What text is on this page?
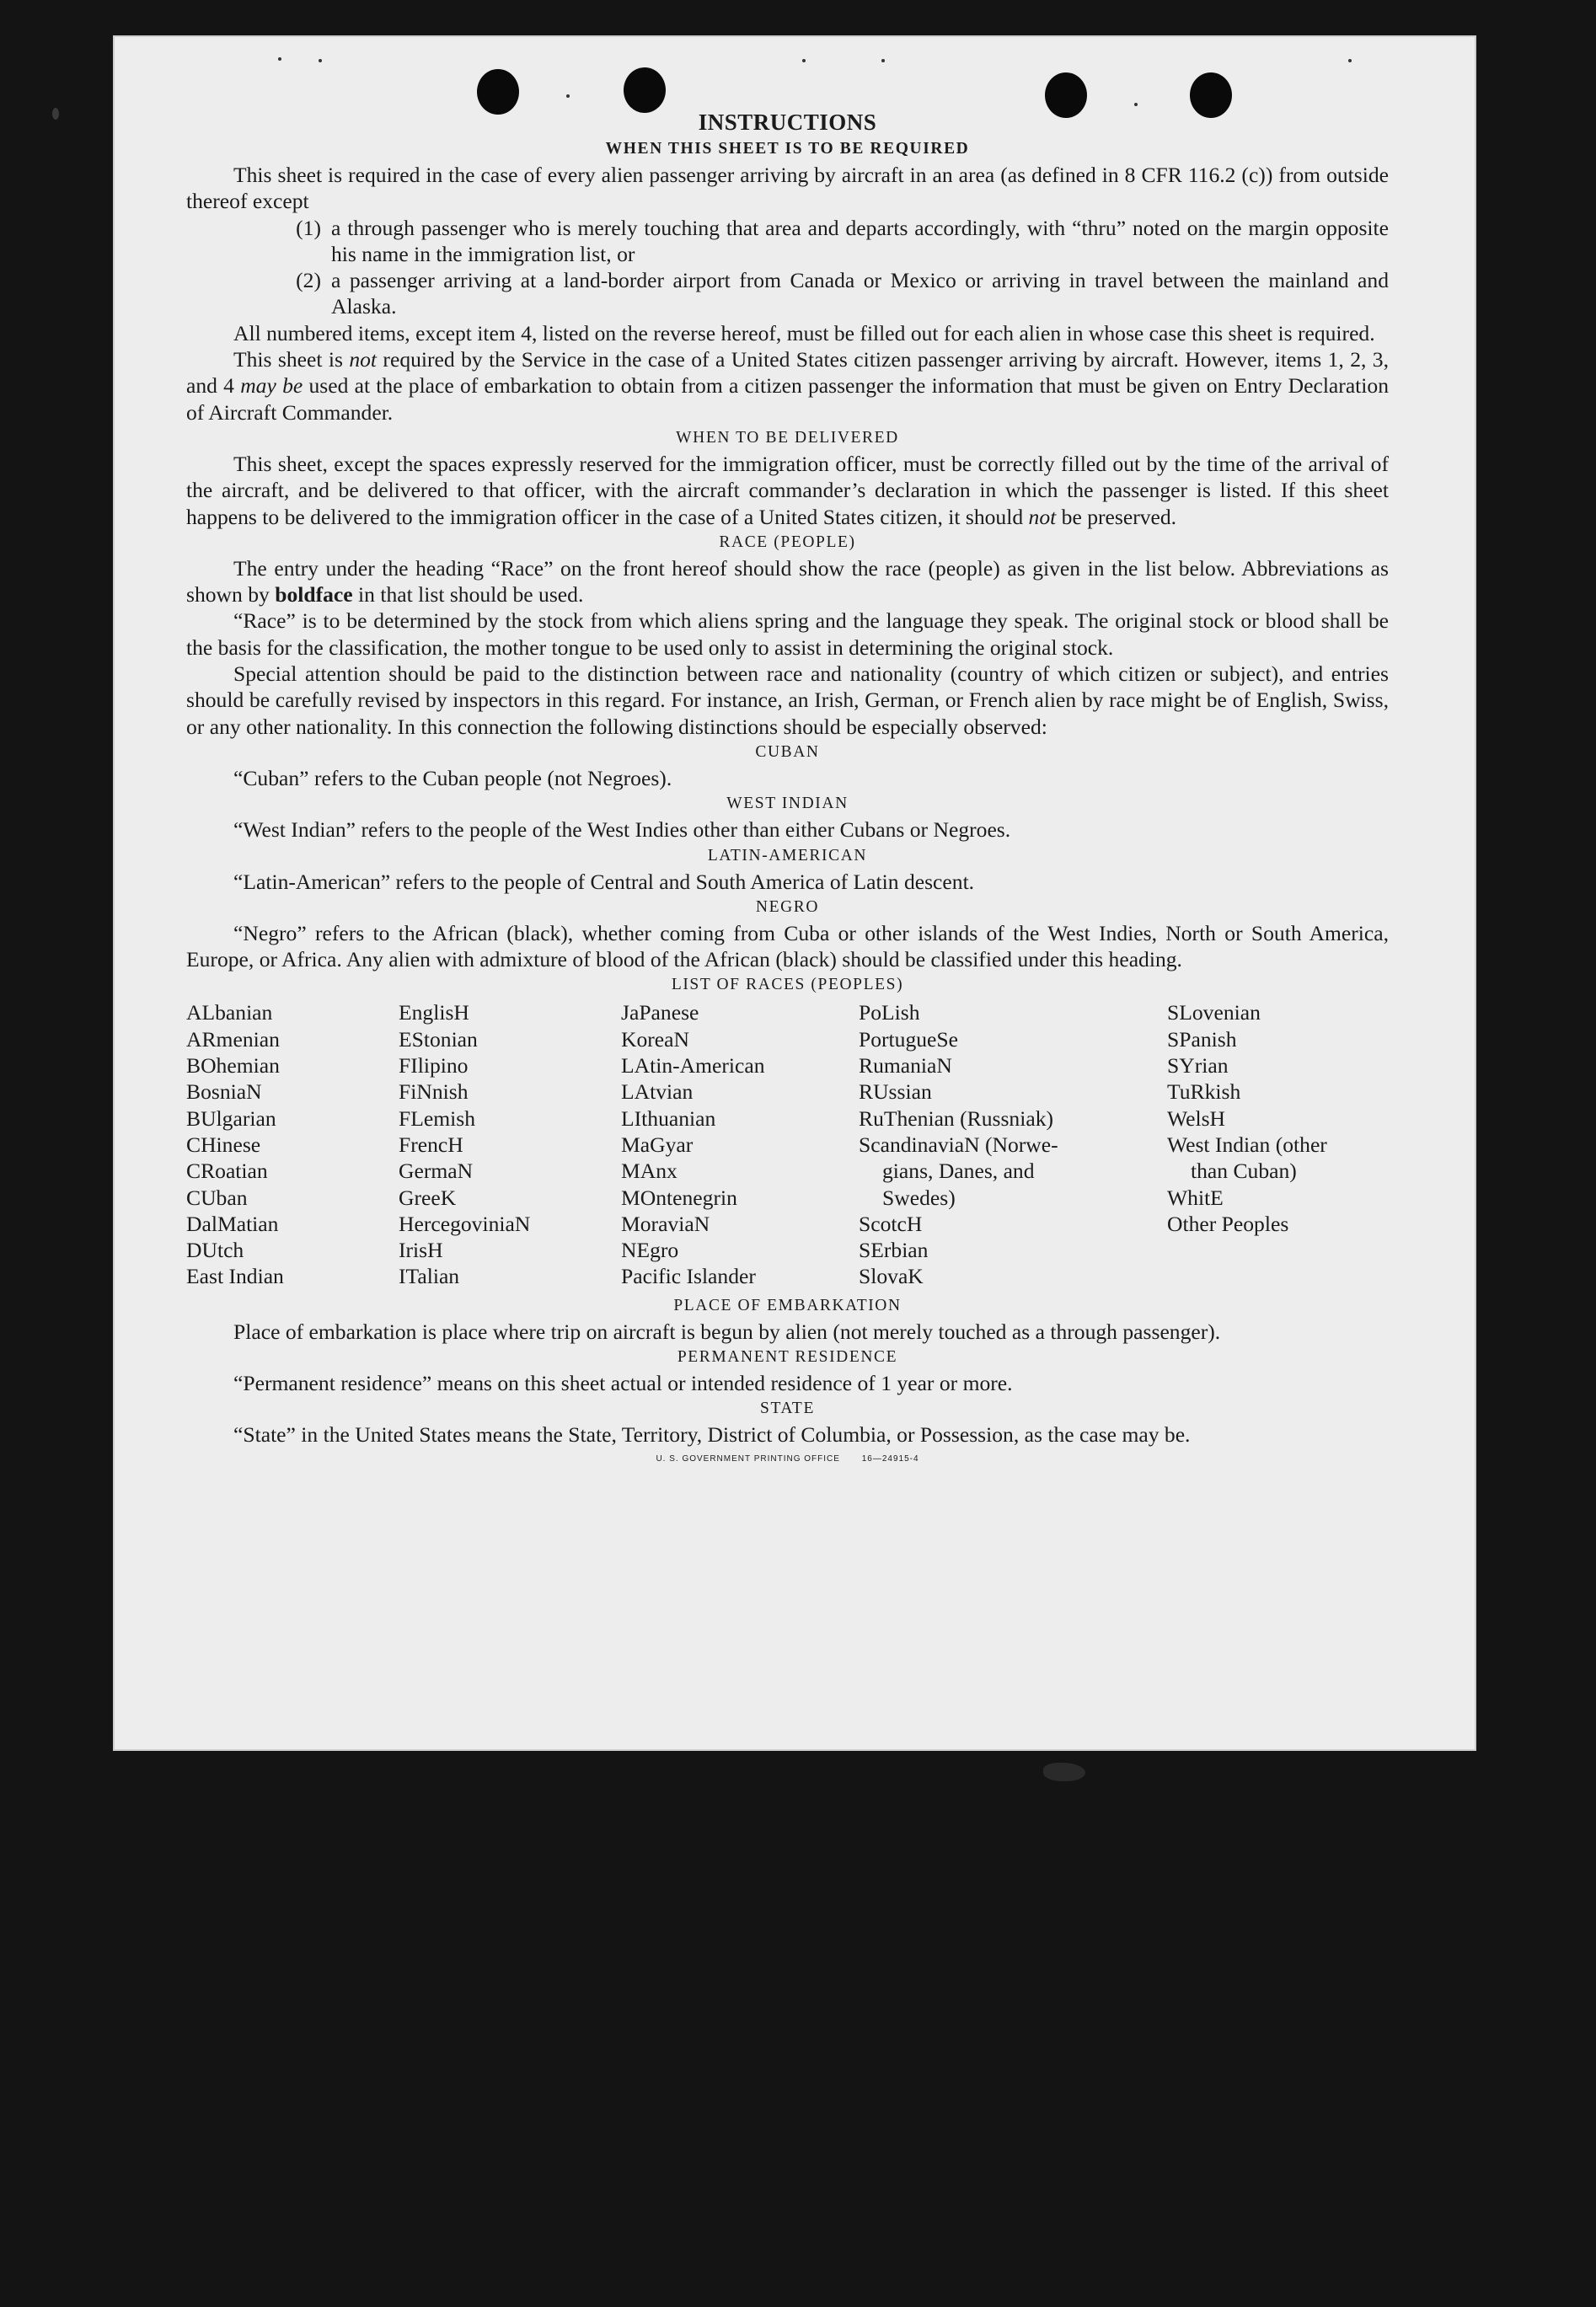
INSTRUCTIONS
WHEN THIS SHEET IS TO BE REQUIRED

This sheet is required in the case of every alien passenger arriving by aircraft in an area (as defined in 8 CFR 116.2 (c)) from outside thereof except

(1) a through passenger who is merely touching that area and departs accordingly, with “thru” noted on the margin opposite his name in the immigration list, or
(2) a passenger arriving at a land-border airport from Canada or Mexico or arriving in travel between the mainland and Alaska.

All numbered items, except item 4, listed on the reverse hereof, must be filled out for each alien in whose case this sheet is required.

This sheet is not required by the Service in the case of a United States citizen passenger arriving by aircraft. However, items 1, 2, 3, and 4 may be used at the place of embarkation to obtain from a citizen passenger the information that must be given on Entry Declaration of Aircraft Commander.

WHEN TO BE DELIVERED

This sheet, except the spaces expressly reserved for the immigration officer, must be correctly filled out by the time of the arrival of the aircraft, and be delivered to that officer, with the aircraft commander’s declaration in which the passenger is listed. If this sheet happens to be delivered to the immigration officer in the case of a United States citizen, it should not be preserved.

RACE (PEOPLE)

The entry under the heading “Race” on the front hereof should show the race (people) as given in the list below. Abbreviations as shown by boldface in that list should be used.

“Race” is to be determined by the stock from which aliens spring and the language they speak. The original stock or blood shall be the basis for the classification, the mother tongue to be used only to assist in determining the original stock.

Special attention should be paid to the distinction between race and nationality (country of which citizen or subject), and entries should be carefully revised by inspectors in this regard. For instance, an Irish, German, or French alien by race might be of English, Swiss, or any other nationality. In this connection the following distinctions should be especially observed:

CUBAN

“Cuban” refers to the Cuban people (not Negroes).

WEST INDIAN

“West Indian” refers to the people of the West Indies other than either Cubans or Negroes.

LATIN-AMERICAN

“Latin-American” refers to the people of Central and South America of Latin descent.

NEGRO

“Negro” refers to the African (black), whether coming from Cuba or other islands of the West Indies, North or South America, Europe, or Africa. Any alien with admixture of blood of the African (black) should be classified under this heading.

LIST OF RACES (PEOPLES)
ALbanian
ARmenian
BOhemian
BosniaN
BUlgarian
CHinese
CRoatian
CUban
DalMatian
DUtch
East Indian
EnglisH
EStonian
FIlipino
FiNnish
FLemish
FrencH
GermaN
GreeK
HercegoviniaN
IrisH
ITalian
JaPanese
KoreaN
LAtin-American
LAtvian
LIthuanian
MaGyar
MAnx
MOntenegrin
MoraviaN
NEgro
Pacific Islander
PoLish
PortugueSe
RumaniaN
RUssian
RuThenian (Russniak)
ScandinaviaN (Norwe-
gians, Danes, and
Swedes)
ScotcH
SErbian
SlovaK
SLovenian
SPanish
SYrian
TuRkish
WelsH
West Indian (other
than Cuban)
WhitE
Other Peoples
PLACE OF EMBARKATION

Place of embarkation is place where trip on aircraft is begun by alien (not merely touched as a through passenger).

PERMANENT RESIDENCE

“Permanent residence” means on this sheet actual or intended residence of 1 year or more.

STATE

“State” in the United States means the State, Territory, District of Columbia, or Possession, as the case may be.

U. S. GOVERNMENT PRINTING OFFICE	16—24915-4
